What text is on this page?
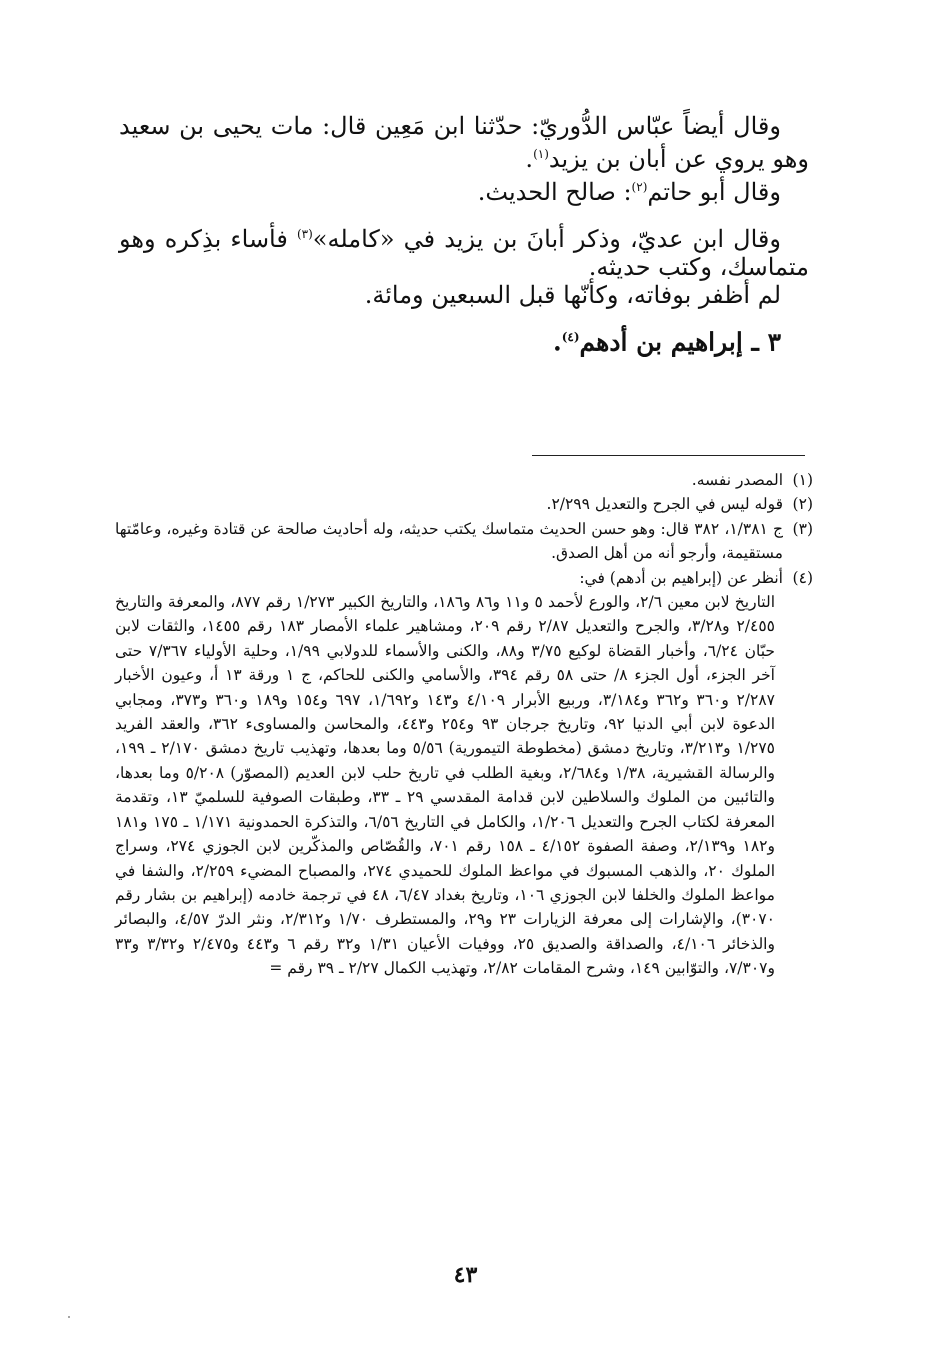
وقال أيضاً عبّاس الدُّوريّ: حدّثنا ابن مَعِين قال: مات يحيى بن سعيد وهو يروي عن أبان بن يزيد$^{(١)}$.

وقال أبو حاتم$^{(٢)}$: صالح الحديث.

وقال ابن عديّ، وذكر أبانَ بن يزيد في «كامله»$^{(٣)}$ فأساء بذِكره وهو متماسك، وكتب حديثه.

لم أظفر بوفاته، وكأنّها قبل السبعين ومائة.

٣ ـ إبراهيم بن أدهم$^{(٤)}$.

(١)
المصدر نفسه.
(٢)
قوله ليس في الجرح والتعديل ٢/٢٩٩.
(٣)
ج ١/٣٨١، ٣٨٢ قال: وهو حسن الحديث متماسك يكتب حديثه، وله أحاديث صالحة عن قتادة وغيره، وعامّتها مستقيمة، وأرجو أنه من أهل الصدق.
(٤)
أنظر عن (إبراهيم بن أدهم) في:

التاريخ لابن معين ٢/٦، والورع لأحمد ٥ و١١ و٨٦ و١٨٦، والتاريخ الكبير ١/٢٧٣ رقم ٨٧٧، والمعرفة والتاريخ ٢/٤٥٥ و٣/٢٨، والجرح والتعديل ٢/٨٧ رقم ٢٠٩، ومشاهير علماء الأمصار ١٨٣ رقم ١٤٥٥، والثقات لابن حبّان ٦/٢٤، وأخبار القضاة لوكيع ٣/٧٥ و٨٨، والكنى والأسماء للدولابي ١/٩٩، وحلية الأولياء ٧/٣٦٧ حتى آخر الجزء، أول الجزء ٨/ حتى ٥٨ رقم ٣٩٤، والأسامي والكنى للحاكم، ج ١ ورقة ١٣ أ، وعيون الأخبار ٢/٢٨٧ و٣٦٠ و٣٦٢ و٣/١٨٤، وربيع الأبرار ٤/١٠٩ و١٤٣ و١/٦٩٢، ٦٩٧ و١٥٤ و١٨٩ و٣٦٠ و٣٧٣، ومجابي الدعوة لابن أبي الدنيا ٩٢، وتاريخ جرجان ٩٣ و٢٥٤ و٤٤٣، والمحاسن والمساوىء ٣٦٢، والعقد الفريد ١/٢٧٥ و٣/٢١٣، وتاريخ دمشق (مخطوطة التيمورية) ٥/٥٦ وما بعدها، وتهذيب تاريخ دمشق ٢/١٧٠ ـ ١٩٩، والرسالة القشيرية، ١/٣٨ و٢/٦٨٤، وبغية الطلب في تاريخ حلب لابن العديم (المصوّر) ٥/٢٠٨ وما بعدها، والتائبين من الملوك والسلاطين لابن قدامة المقدسي ٢٩ ـ ٣٣، وطبقات الصوفية للسلميّ ١٣، وتقدمة المعرفة لكتاب الجرح والتعديل ١/٢٠٦، والكامل في التاريخ ٦/٥٦، والتذكرة الحمدونية ١/١٧١ ـ ١٧٥ و١٨١ و١٨٢ و٢/١٣٩، وصفة الصفوة ٤/١٥٢ ـ ١٥٨ رقم ٧٠١، والقُصّاص والمذكّرين لابن الجوزي ٢٧٤، وسراج الملوك ٢٠، والذهب المسبوك في مواعظ الملوك للحميدي ٢٧٤، والمصباح المضيء ٢/٢٥٩، والشفا في مواعظ الملوك والخلفا لابن الجوزي ١٠٦، وتاريخ بغداد ٦/٤٧، ٤٨ في ترجمة خادمه (إبراهيم بن بشار رقم ٣٠٧٠)، والإشارات إلى معرفة الزيارات ٢٣ و٢٩، والمستطرف ١/٧٠ و٢/٣١٢، ونثر الدرّ ٤/٥٧، والبصائر والذخائر ٤/١٠٦، والصداقة والصديق ٢٥، ووفيات الأعيان ١/٣١ و٣٢ رقم ٦ و٤٤٣ و٢/٤٧٥ و٣/٣٢ و٣٣ و٧/٣٠٧، والتوّابين ١٤٩، وشرح المقامات ٢/٨٢، وتهذيب الكمال ٢/٢٧ ـ ٣٩ رقم =

٤٣
